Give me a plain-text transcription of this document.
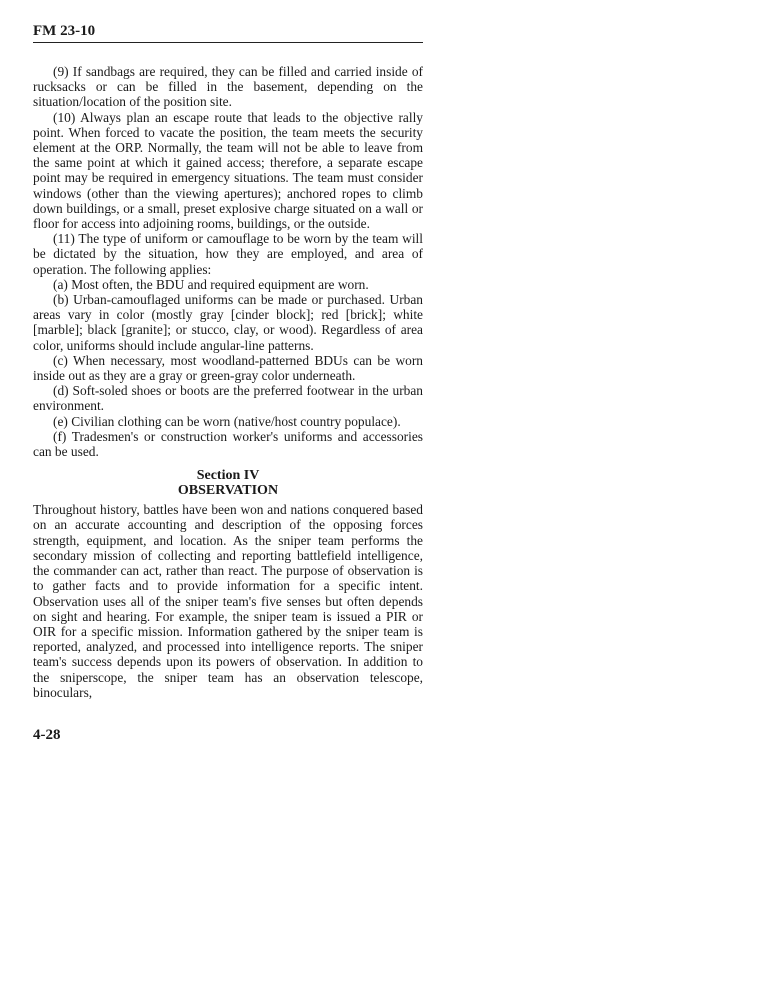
FM 23-10

(9) If sandbags are required, they can be filled and carried inside of rucksacks or can be filled in the basement, depending on the situation/location of the position site.

(10) Always plan an escape route that leads to the objective rally point. When forced to vacate the position, the team meets the security element at the ORP. Normally, the team will not be able to leave from the same point at which it gained access; therefore, a separate escape point may be required in emergency situations. The team must consider windows (other than the viewing apertures); anchored ropes to climb down buildings, or a small, preset explosive charge situated on a wall or floor for access into adjoining rooms, buildings, or the outside.

(11) The type of uniform or camouflage to be worn by the team will be dictated by the situation, how they are employed, and area of operation. The following applies:

(a) Most often, the BDU and required equipment are worn.

(b) Urban-camouflaged uniforms can be made or purchased. Urban areas vary in color (mostly gray [cinder block]; red [brick]; white [marble]; black [granite]; or stucco, clay, or wood). Regardless of area color, uniforms should include angular-line patterns.

(c) When necessary, most woodland-patterned BDUs can be worn inside out as they are a gray or green-gray color underneath.

(d) Soft-soled shoes or boots are the preferred footwear in the urban environment.

(e) Civilian clothing can be worn (native/host country populace).

(f) Tradesmen's or construction worker's uniforms and accessories can be used.

Section IV
OBSERVATION

Throughout history, battles have been won and nations conquered based on an accurate accounting and description of the opposing forces strength, equipment, and location. As the sniper team performs the secondary mission of collecting and reporting battlefield intelligence, the commander can act, rather than react. The purpose of observation is to gather facts and to provide information for a specific intent. Observation uses all of the sniper team's five senses but often depends on sight and hearing. For example, the sniper team is issued a PIR or OIR for a specific mission. Information gathered by the sniper team is reported, analyzed, and processed into intelligence reports. The sniper team's success depends upon its powers of observation. In addition to the sniperscope, the sniper team has an observation telescope, binoculars,

4-28
